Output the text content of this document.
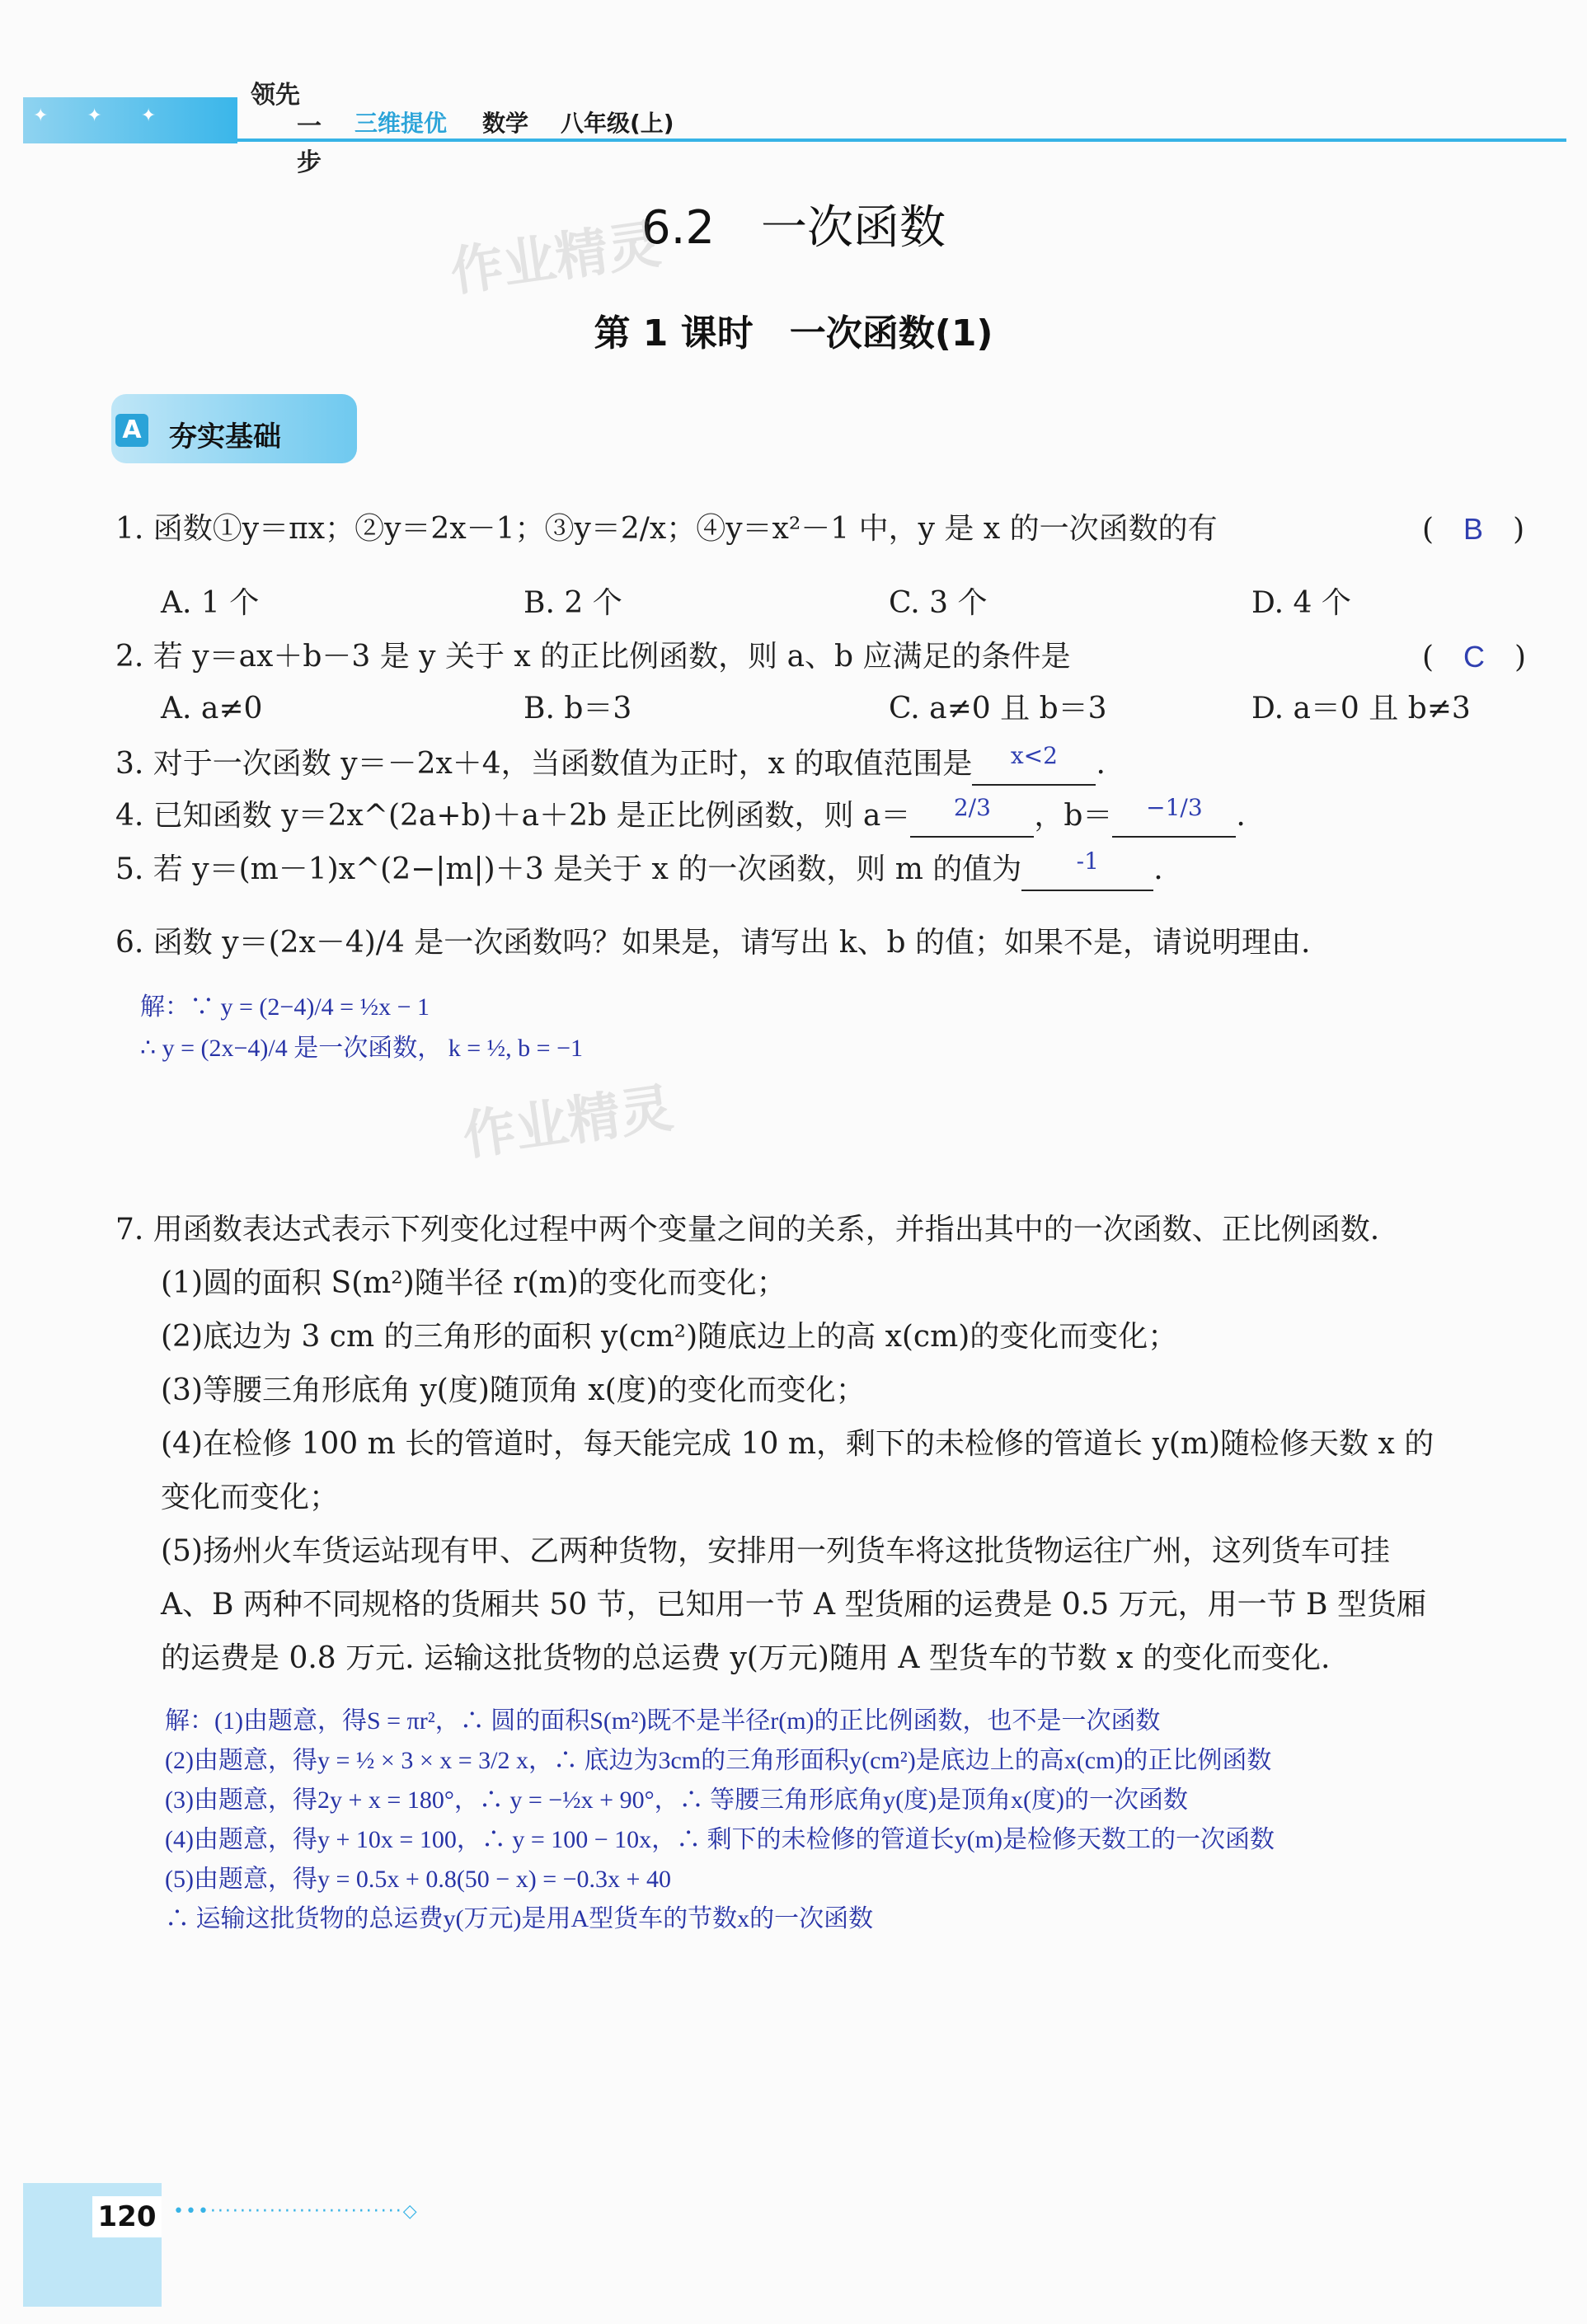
✦ ✦ ✦
领先
一步
三维提优 数学 八年级(上)
6.2　一次函数
第 1 课时　一次函数(1)
作业精灵
作业精灵
A 夯实基础
1. 函数①y＝πx；②y＝2x－1；③y＝2/x；④y＝x²－1 中，y 是 x 的一次函数的有	(　B　)
A. 1 个	B. 2 个	C. 3 个	D. 4 个
2. 若 y＝ax＋b－3 是 y 关于 x 的正比例函数，则 a、b 应满足的条件是	(　C　)
A. a≠0	B. b＝3	C. a≠0 且 b＝3	D. a＝0 且 b≠3
3. 对于一次函数 y＝－2x＋4，当函数值为正时，x 的取值范围是 $^{x<2}$ .
4. 已知函数 y＝2x^(2a+b)＋a＋2b 是正比例函数，则 a＝ $^{2/3}$ ，b＝ $^{-1/3}$ .
5. 若 y＝(m－1)x^(2−|m|)＋3 是关于 x 的一次函数，则 m 的值为 $^{-1}$ .
6. 函数 y＝(2x－4)/4 是一次函数吗？如果是，请写出 k、b 的值；如果不是，请说明理由.
解：∵ y = (2−4)/4 = ½x − 1
∴ y = (2x−4)/4 是一次函数， k = ½, b = −1
7. 用函数表达式表示下列变化过程中两个变量之间的关系，并指出其中的一次函数、正比例函数.
(1)圆的面积 S(m²)随半径 r(m)的变化而变化；
(2)底边为 3 cm 的三角形的面积 y(cm²)随底边上的高 x(cm)的变化而变化；
(3)等腰三角形底角 y(度)随顶角 x(度)的变化而变化；
(4)在检修 100 m 长的管道时，每天能完成 10 m，剩下的未检修的管道长 y(m)随检修天数 x 的
变化而变化；
(5)扬州火车货运站现有甲、乙两种货物，安排用一列货车将这批货物运往广州，这列货车可挂
A、B 两种不同规格的货厢共 50 节，已知用一节 A 型货厢的运费是 0.5 万元，用一节 B 型货厢
的运费是 0.8 万元. 运输这批货物的总运费 y(万元)随用 A 型货车的节数 x 的变化而变化.
解：(1)由题意，得S = πr²，∴ 圆的面积S(m²)既不是半径r(m)的正比例函数，也不是一次函数
(2)由题意，得y = ½ × 3 × x = 3/2 x，∴ 底边为3cm的三角形面积y(cm²)是底边上的高x(cm)的正比例函数
(3)由题意，得2y + x = 180°，∴ y = −½x + 90°，∴ 等腰三角形底角y(度)是顶角x(度)的一次函数
(4)由题意，得y + 10x = 100，∴ y = 100 − 10x，∴ 剩下的未检修的管道长y(m)是检修天数工的一次函数
(5)由题意，得y = 0.5x + 0.8(50 − x) = −0.3x + 40
∴ 运输这批货物的总运费y(万元)是用A型货车的节数x的一次函数
120 •••··························◇
